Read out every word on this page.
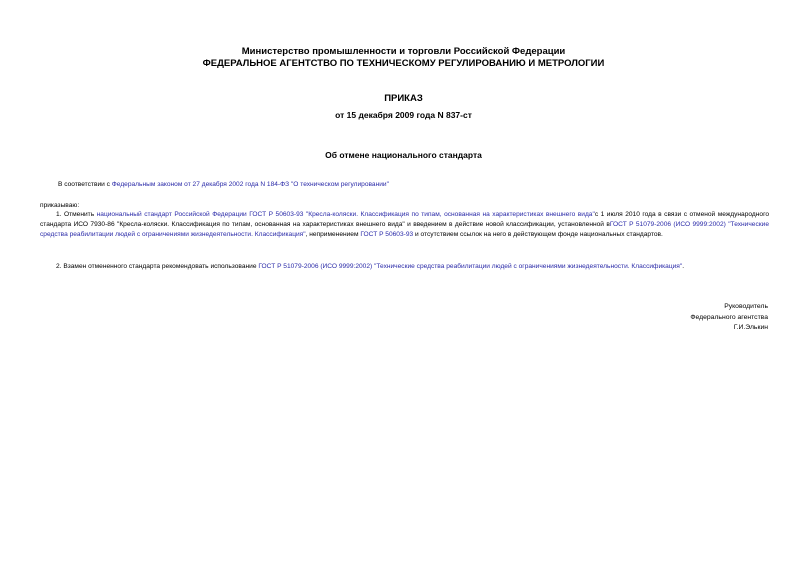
Министерство промышленности и торговли Российской Федерации
ФЕДЕРАЛЬНОЕ АГЕНТСТВО ПО ТЕХНИЧЕСКОМУ РЕГУЛИРОВАНИЮ И МЕТРОЛОГИИ
ПРИКАЗ
от 15 декабря 2009 года N 837-ст
Об отмене национального стандарта
В соответствии с Федеральным законом от 27 декабря 2002 года N 184-ФЗ "О техническом регулировании"
приказываю:
1. Отменить национальный стандарт Российской Федерации ГОСТ Р 50603-93 "Кресла-коляски. Классификация по типам, основанная на характеристиках внешнего вида"с 1 июля 2010 года в связи с отменой международного стандарта ИСО 7930-86 "Кресла-коляски. Классификация по типам, основанная на характеристиках внешнего вида" и введением в действие новой классификации, установленной вГОСТ Р 51079-2006 (ИСО 9999:2002) "Технические средства реабилитации людей с ограничениями жизнедеятельности. Классификация", неприменением ГОСТ Р 50603-93 и отсутствием ссылок на него в действующем фонде национальных стандартов.
2. Взамен отмененного стандарта рекомендовать использование ГОСТ Р 51079-2006 (ИСО 9999:2002) "Технические средства реабилитации людей с ограничениями жизнедеятельности. Классификация".
Руководитель
Федерального агентства
Г.И.Элькин
